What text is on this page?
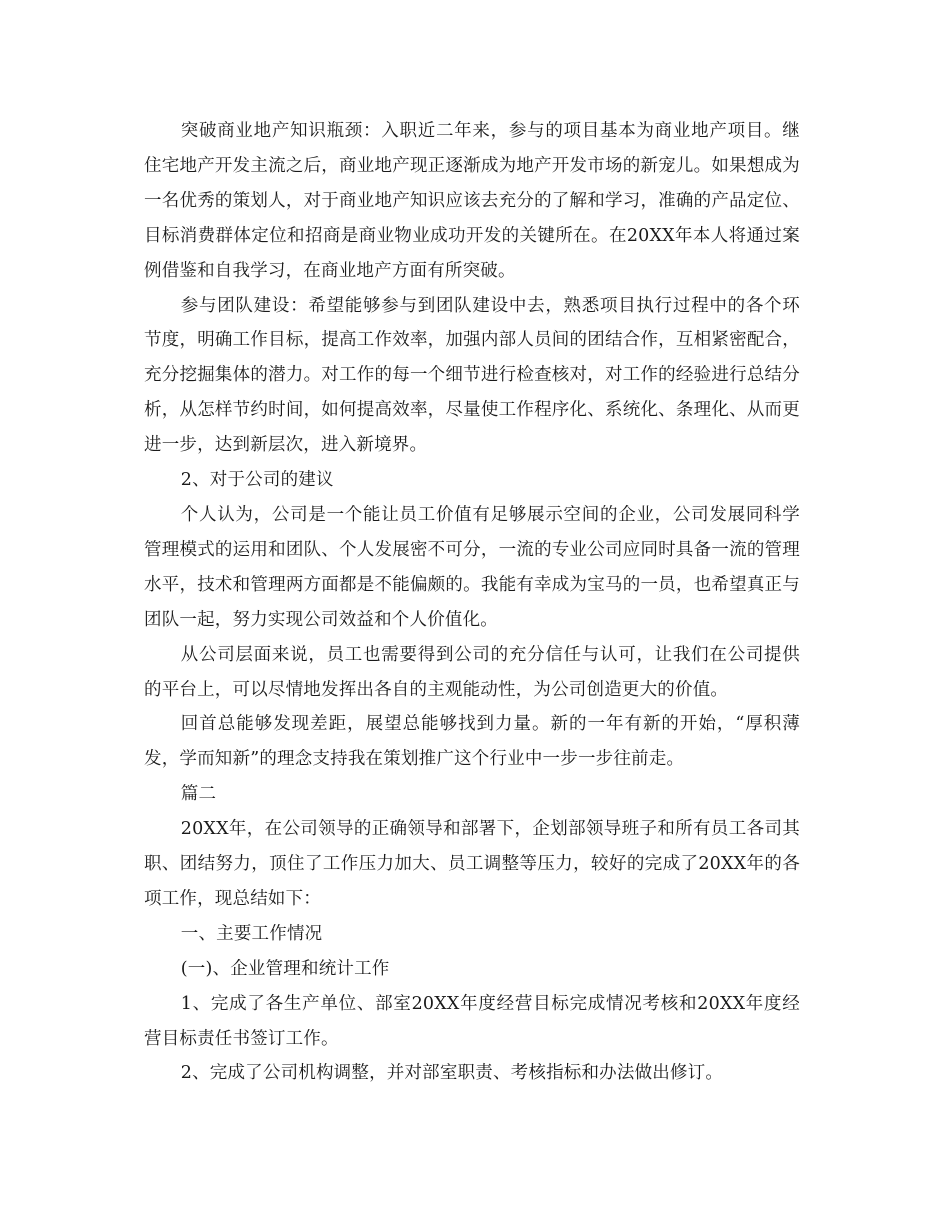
突破商业地产知识瓶颈：入职近二年来，参与的项目基本为商业地产项目。继住宅地产开发主流之后，商业地产现正逐渐成为地产开发市场的新宠儿。如果想成为一名优秀的策划人，对于商业地产知识应该去充分的了解和学习，准确的产品定位、目标消费群体定位和招商是商业物业成功开发的关键所在。在20XX年本人将通过案例借鉴和自我学习，在商业地产方面有所突破。

参与团队建设：希望能够参与到团队建设中去，熟悉项目执行过程中的各个环节度，明确工作目标，提高工作效率，加强内部人员间的团结合作，互相紧密配合，充分挖掘集体的潜力。对工作的每一个细节进行检查核对，对工作的经验进行总结分析，从怎样节约时间，如何提高效率，尽量使工作程序化、系统化、条理化、从而更进一步，达到新层次，进入新境界。

2、对于公司的建议

个人认为，公司是一个能让员工价值有足够展示空间的企业，公司发展同科学管理模式的运用和团队、个人发展密不可分，一流的专业公司应同时具备一流的管理水平，技术和管理两方面都是不能偏颇的。我能有幸成为宝马的一员，也希望真正与团队一起，努力实现公司效益和个人价值化。

从公司层面来说，员工也需要得到公司的充分信任与认可，让我们在公司提供的平台上，可以尽情地发挥出各自的主观能动性，为公司创造更大的价值。

回首总能够发现差距，展望总能够找到力量。新的一年有新的开始，“厚积薄发，学而知新”的理念支持我在策划推广这个行业中一步一步往前走。

篇二

20XX年，在公司领导的正确领导和部署下，企划部领导班子和所有员工各司其职、团结努力，顶住了工作压力加大、员工调整等压力，较好的完成了20XX年的各项工作，现总结如下：

一、主要工作情况

(一)、企业管理和统计工作

1、完成了各生产单位、部室20XX年度经营目标完成情况考核和20XX年度经营目标责任书签订工作。

2、完成了公司机构调整，并对部室职责、考核指标和办法做出修订。
